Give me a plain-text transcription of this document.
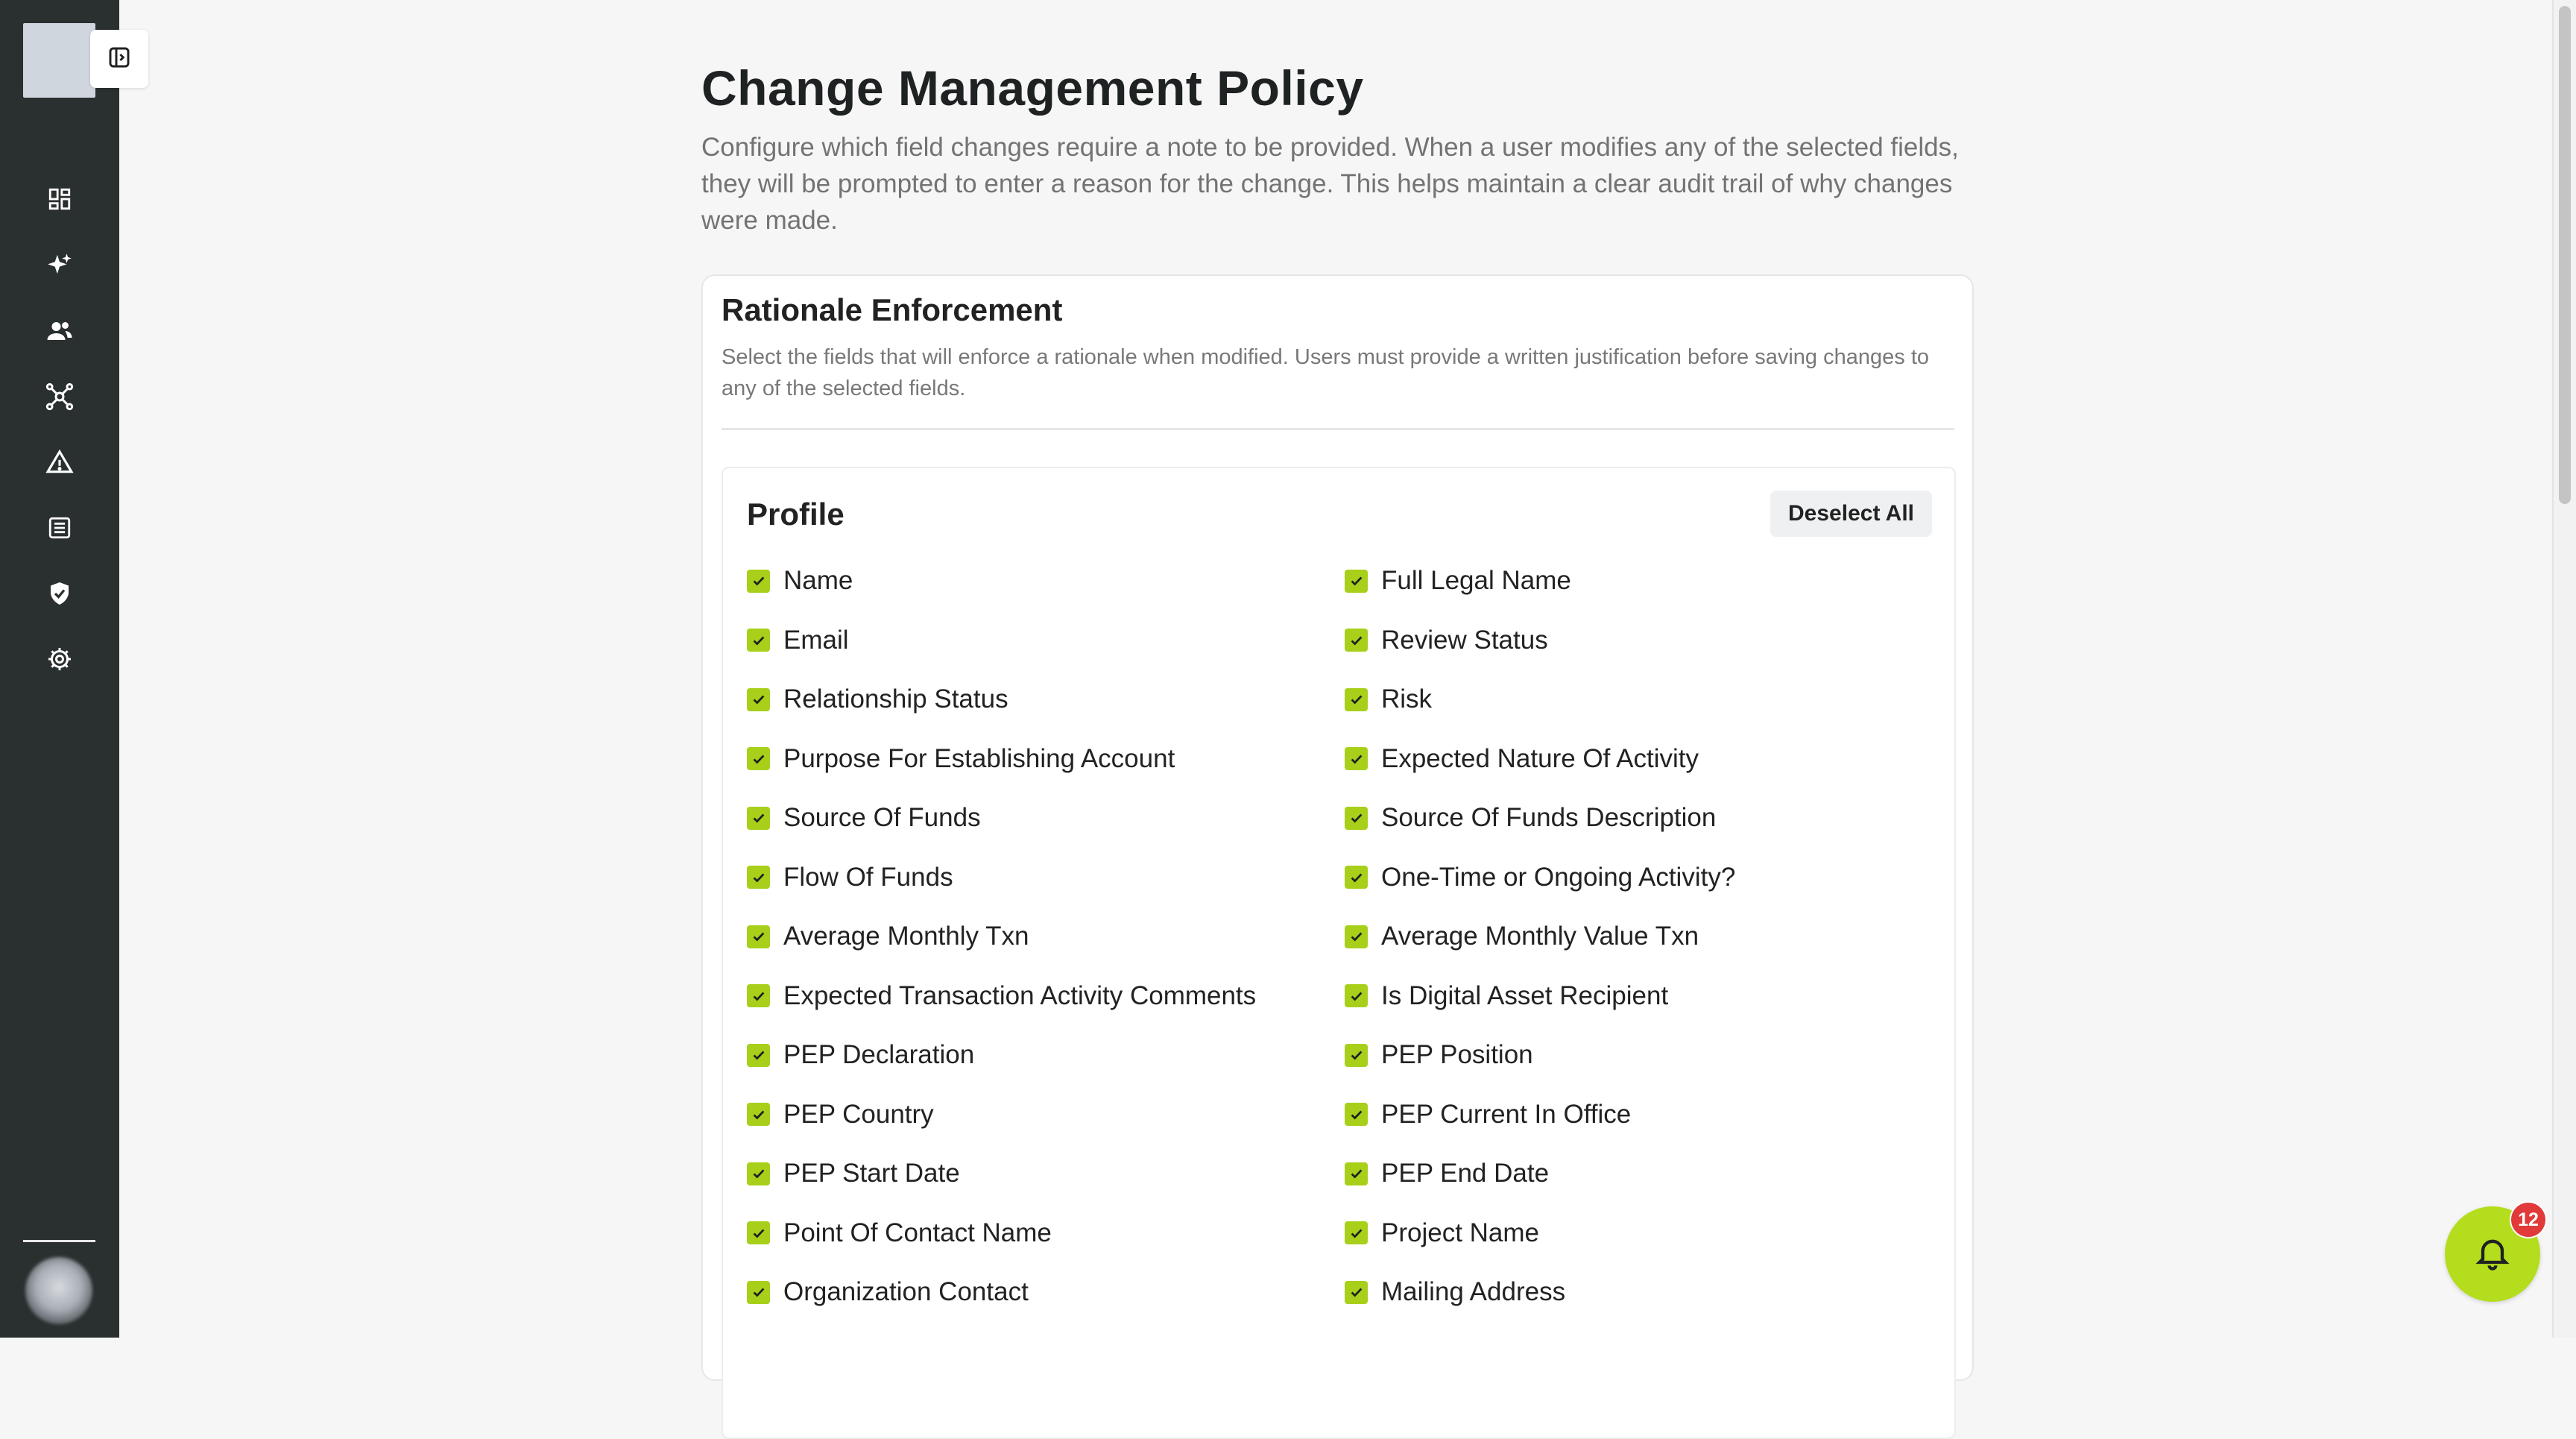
Change Management Policy

Configure which field changes require a note to be provided. When a user modifies any of the selected fields, they will be prompted to enter a reason for the change. This helps maintain a clear audit trail of why changes were made.

Rationale Enforcement

Select the fields that will enforce a rationale when modified. Users must provide a written justification before saving changes to any of the selected fields.

Profile	Deselect All
Name
Email
Relationship Status
Purpose For Establishing Account
Source Of Funds
Flow Of Funds
Average Monthly Txn
Expected Transaction Activity Comments
PEP Declaration
PEP Country
PEP Start Date
Point Of Contact Name
Organization Contact
Full Legal Name
Review Status
Risk
Expected Nature Of Activity
Source Of Funds Description
One-Time or Ongoing Activity?
Average Monthly Value Txn
Is Digital Asset Recipient
PEP Position
PEP Current In Office
PEP End Date
Project Name
Mailing Address
12
